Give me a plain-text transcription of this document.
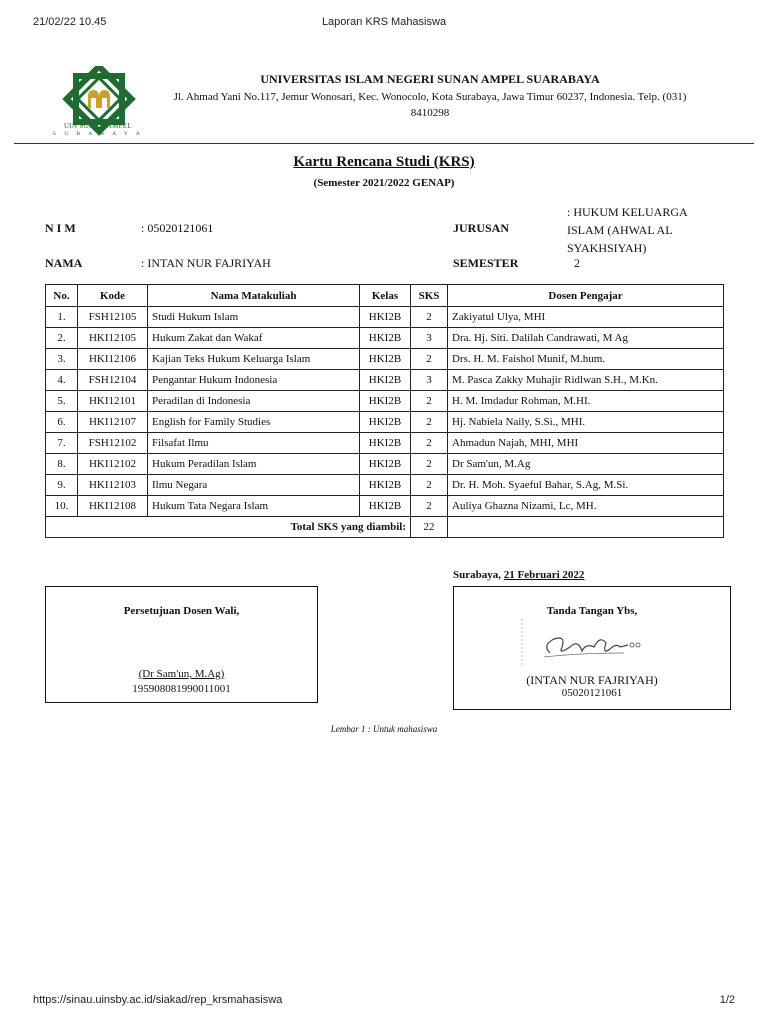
21/02/22 10.45	Laporan KRS Mahasiswa
UIN SUNAN AMPEL
S U R A B A Y A
UNIVERSITAS ISLAM NEGERI SUNAN AMPEL SUARABAYA
Jl. Ahmad Yani No.117, Jemur Wonosari, Kec. Wonocolo, Kota Surabaya, Jawa Timur 60237, Indonesia. Telp. (031)
8410298
Kartu Rencana Studi (KRS)
(Semester 2021/2022 GENAP)
N I M	: 05020121061
NAMA	: INTAN NUR FAJRIYAH
JURUSAN
: HUKUM KELUARGA
ISLAM (AHWAL AL
SYAKHSIYAH)
SEMESTER	2
No.	Kode	Nama Matakuliah	Kelas	SKS	Dosen Pengajar
1.	FSH12105	Studi Hukum Islam	HKI2B	2	Zakiyatul Ulya, MHI
2.	HKI12105	Hukum Zakat dan Wakaf	HKI2B	3	Dra. Hj. Siti. Dalilah Candrawati, M Ag
3.	HKI12106	Kajian Teks Hukum Keluarga Islam	HKI2B	2	Drs. H. M. Faishol Munif, M.hum.
4.	FSH12104	Pengantar Hukum Indonesia	HKI2B	3	M. Pasca Zakky Muhajir Ridlwan S.H., M.Kn.
5.	HKI12101	Peradilan di Indonesia	HKI2B	2	H. M. Imdadur Rohman, M.HI.
6.	HKI12107	English for Family Studies	HKI2B	2	Hj. Nabiela Naily, S.Si., MHI.
7.	FSH12102	Filsafat Ilmu	HKI2B	2	Ahmadun Najah, MHI, MHI
8.	HKI12102	Hukum Peradilan Islam	HKI2B	2	Dr Sam'un, M.Ag
9.	HKI12103	Ilmu Negara	HKI2B	2	Dr. H. Moh. Syaeful Bahar, S.Ag, M.Si.
10.	HKI12108	Hukum Tata Negara Islam	HKI2B	2	Auliya Ghazna Nizami, Lc, MH.
Total SKS yang diambil:				22	
Surabaya, 21 Februari 2022
Persetujuan Dosen Wali,
(Dr Sam'un, M.Ag)
195908081990011001
Tanda Tangan Ybs,
(INTAN NUR FAJRIYAH)
05020121061
Lembar 1 : Untuk mahasiswa
https://sinau.uinsby.ac.id/siakad/rep_krsmahasiswa	1/2
